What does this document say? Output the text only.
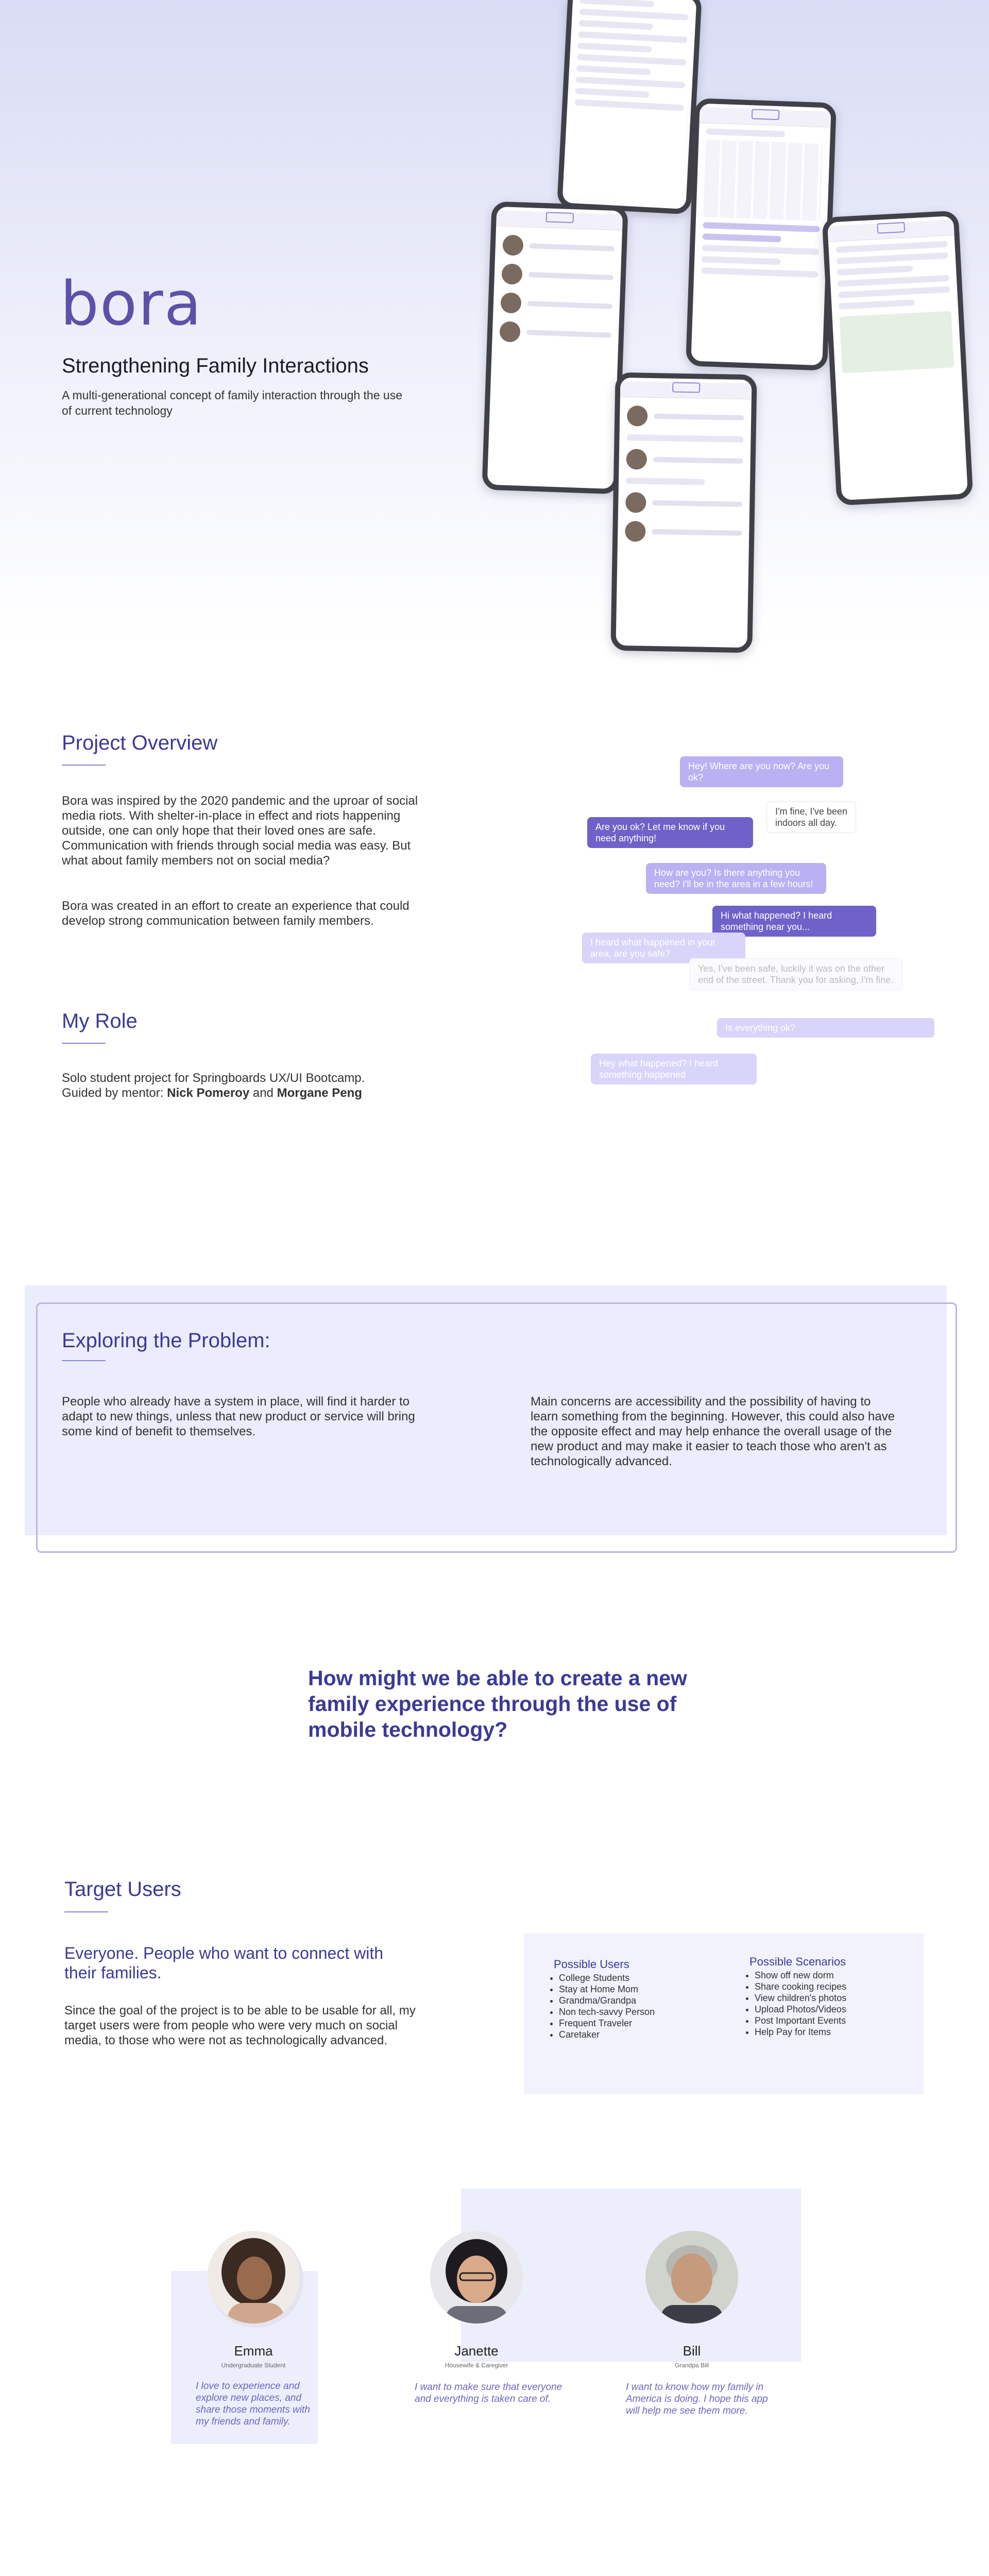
bora
Strengthening Family Interactions
A multi-generational concept of family interaction through the use of current technology
Project Overview
Bora was inspired by the 2020 pandemic and the uproar of social media riots. With shelter-in-place in effect and riots happening outside, one can only hope that their loved ones are safe. Communication with friends through social media was easy. But what about family members not on social media?
Bora was created in an effort to create an experience that could develop strong communication between family members.
Hey! Where are you now? Are you ok?
I'm fine, I've been indoors all day.
Are you ok? Let me know if you need anything!
How are you? Is there anything you need? I'll be in the area in a few hours!
Hi what happened? I heard something near you...
I heard what happened in your area, are you safe?
Yes, I've been safe, luckily it was on the other end of the street. Thank you for asking, I'm fine.
Is everything ok?
Hey what happened? I heard something happened
My Role
Solo student project for Springboards UX/UI Bootcamp.
Guided by mentor: Nick Pomeroy and Morgane Peng
Exploring the Problem:
People who already have a system in place, will find it harder to adapt to new things, unless that new product or service will bring some kind of benefit to themselves.
Main concerns are accessibility and the possibility of having to learn something from the beginning. However, this could also have the opposite effect and may help enhance the overall usage of the new product and may make it easier to teach those who aren't as technologically advanced.
How might we be able to create a new family experience through the use of mobile technology?
Target Users
Everyone. People who want to connect with their families.
Since the goal of the project is to be able to be usable for all, my target users were from people who were very much on social media, to those who were not as technologically advanced.
Possible Users
• College Students
• Stay at Home Mom
• Grandma/Grandpa
• Non tech-savvy Person
• Frequent Traveler
• Caretaker
Possible Scenarios
• Show off new dorm
• Share cooking recipes
• View children's photos
• Upload Photos/Videos
• Post Important Events
• Help Pay for Items
Emma
Undergraduate Student
I love to experience and explore new places, and share those moments with my friends and family.
Janette
Housewife & Caregiver
I want to make sure that everyone and everything is taken care of.
Bill
Grandpa Bill
I want to know how my family in America is doing. I hope this app will help me see them more.
